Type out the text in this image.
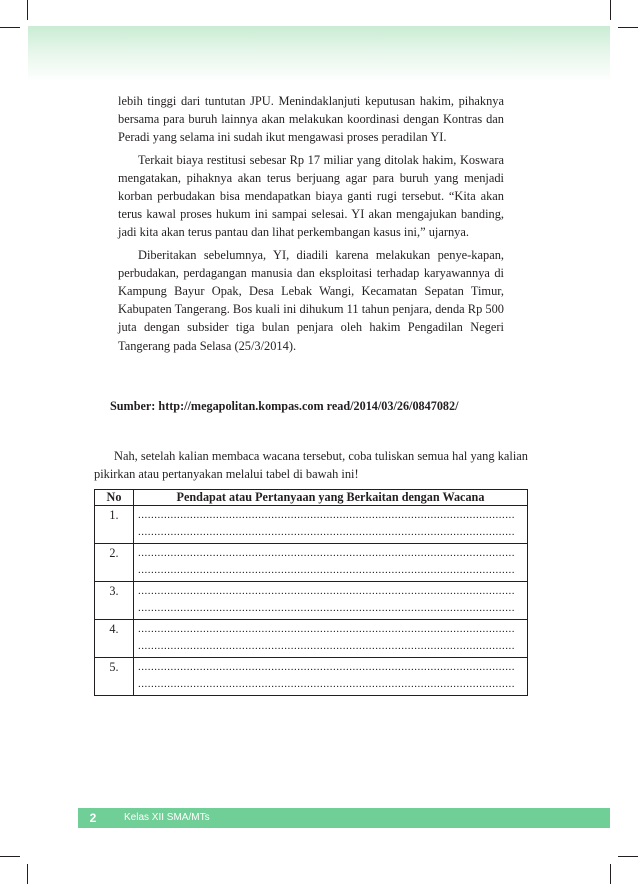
lebih tinggi dari tuntutan JPU. Menindaklanjuti keputusan hakim, pihaknya bersama para buruh lainnya akan melakukan koordinasi dengan Kontras dan Peradi yang selama ini sudah ikut mengawasi proses peradilan YI.

Terkait biaya restitusi sebesar Rp 17 miliar yang ditolak hakim, Koswara mengatakan, pihaknya akan terus berjuang agar para buruh yang menjadi korban perbudakan bisa mendapatkan biaya ganti rugi tersebut. “Kita akan terus kawal proses hukum ini sampai selesai. YI akan mengajukan banding, jadi kita akan terus pantau dan lihat perkembangan kasus ini,” ujarnya.

Diberitakan sebelumnya, YI, diadili karena melakukan penye-kapan, perbudakan, perdagangan manusia dan eksploitasi terhadap karyawannya di Kampung Bayur Opak, Desa Lebak Wangi, Kecamatan Sepatan Timur, Kabupaten Tangerang. Bos kuali ini dihukum 11 tahun penjara, denda Rp 500 juta dengan subsider tiga bulan penjara oleh hakim Pengadilan Negeri Tangerang pada Selasa (25/3/2014).

Sumber: http://megapolitan.kompas.com read/2014/03/26/0847082/
Nah, setelah kalian membaca wacana tersebut, coba tuliskan semua hal yang kalian pikirkan atau pertanyakan melalui tabel di bawah ini!
No	Pendapat atau Pertanyaan yang Berkaitan dengan Wacana
1.	....................................................................................................................
....................................................................................................................

2.	....................................................................................................................
....................................................................................................................

3.	....................................................................................................................
....................................................................................................................

4.	....................................................................................................................
....................................................................................................................

5.	....................................................................................................................
....................................................................................................................
2	Kelas XII SMA/MTs
